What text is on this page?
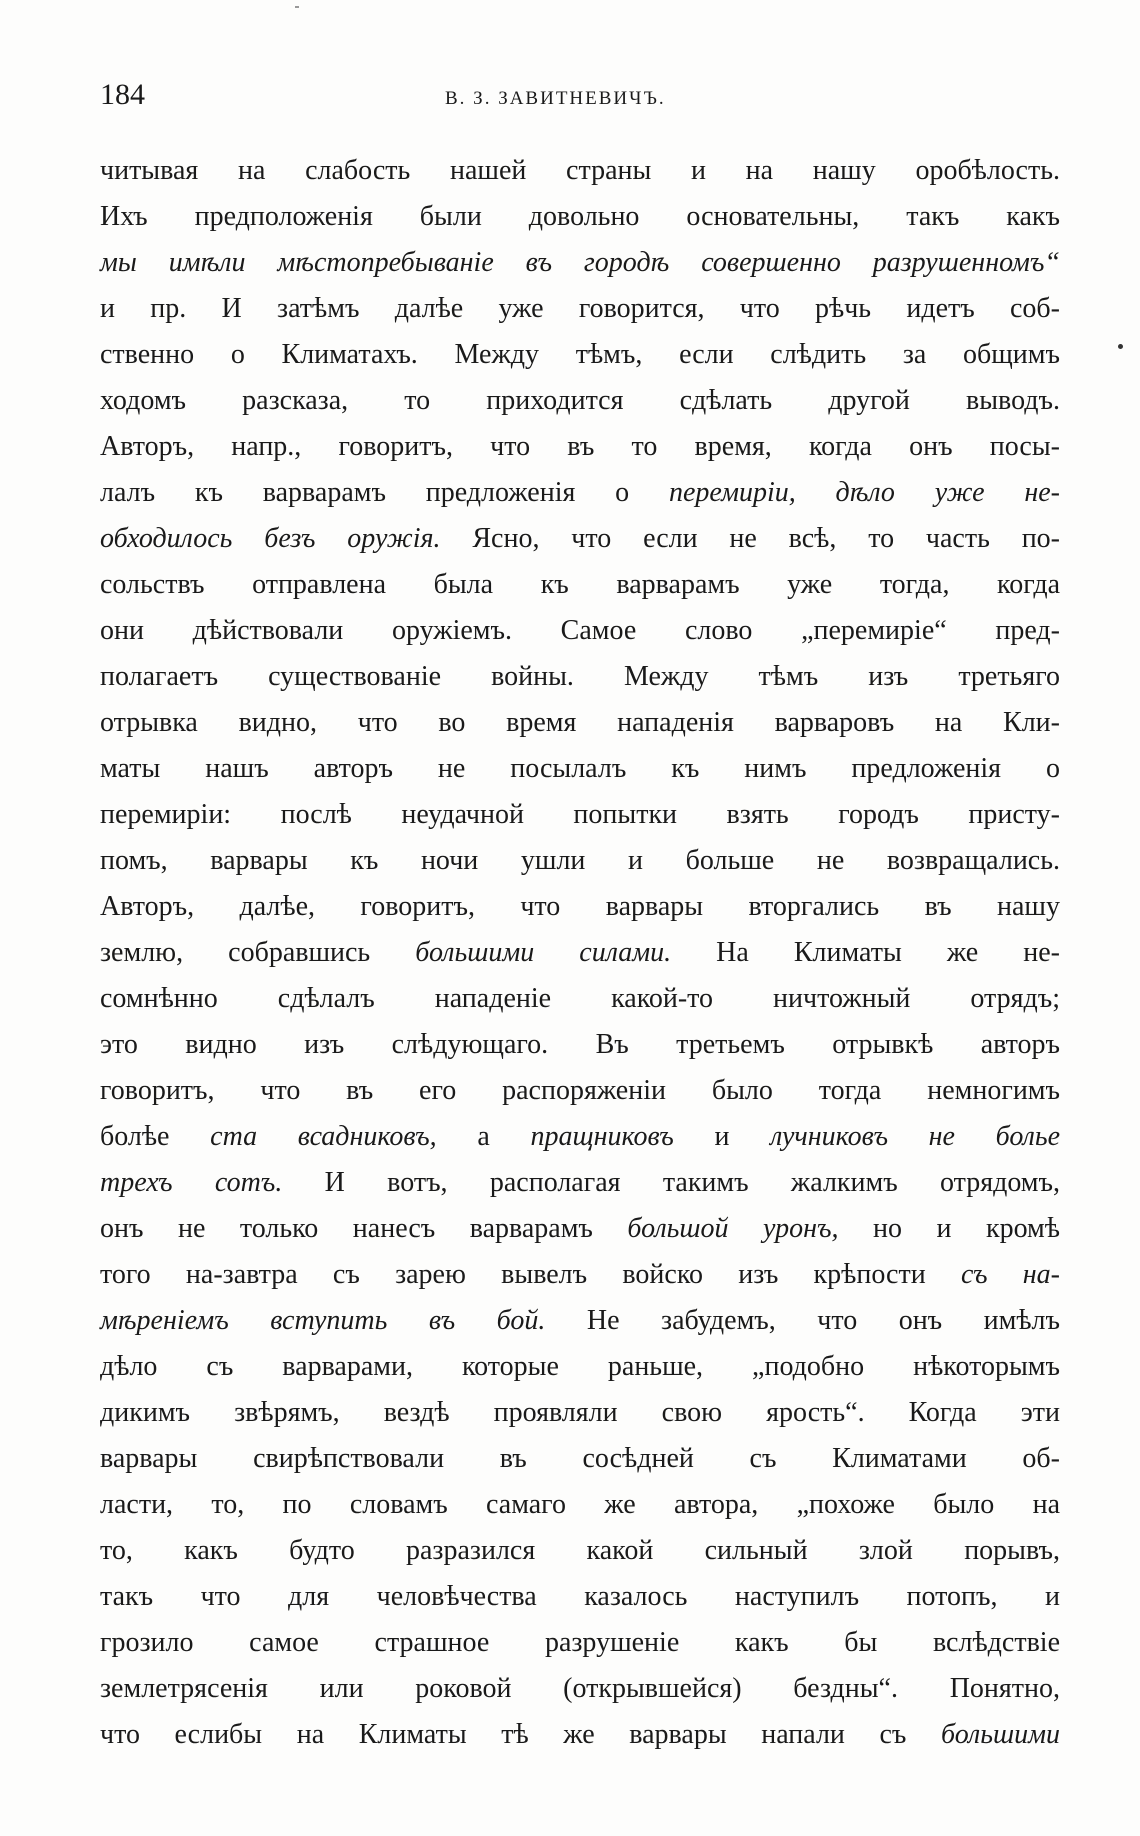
184	В. З. ЗАВИТНЕВИЧЪ.
читывая на слабость нашей страны и на нашу оробѣлость.
Ихъ предположенія были довольно основательны, такъ какъ
мы имѣли мѣстопребываніе въ городѣ совершенно разрушенномъ“
и пр. И затѣмъ далѣе уже говорится, что рѣчь идетъ соб-
ственно о Климатахъ. Между тѣмъ, если слѣдить за общимъ
ходомъ разсказа, то приходится сдѣлать другой выводъ.
Авторъ, напр., говоритъ, что въ то время, когда онъ посы-
лалъ къ варварамъ предложенія о перемиріи, дѣло уже не-
обходилось безъ оружія. Ясно, что если не всѣ, то часть по-
сольствъ отправлена была къ варварамъ уже тогда, когда
они дѣйствовали оружіемъ. Самое слово „перемиріе“ пред-
полагаетъ существованіе войны. Между тѣмъ изъ третьяго
отрывка видно, что во время нападенія варваровъ на Кли-
маты нашъ авторъ не посылалъ къ нимъ предложенія о
перемиріи: послѣ неудачной попытки взять городъ присту-
помъ, варвары къ ночи ушли и больше не возвращались.
Авторъ, далѣе, говоритъ, что варвары вторгались въ нашу
землю, собравшись большими силами. На Климаты же не-
сомнѣнно сдѣлалъ нападеніе какой-то ничтожный отрядъ;
это видно изъ слѣдующаго. Въ третьемъ отрывкѣ авторъ
говоритъ, что въ его распоряженіи было тогда немногимъ
болѣе ста всадниковъ, а пращниковъ и лучниковъ не больe
трехъ сотъ. И вотъ, располагая такимъ жалкимъ отрядомъ,
онъ не только нанесъ варварамъ большой уронъ, но и кромѣ
того на-завтра съ зарею вывелъ войско изъ крѣпости съ на-
мѣреніемъ вступить въ бой. Не забудемъ, что онъ имѣлъ
дѣло съ варварами, которые раньше, „подобно нѣкоторымъ
дикимъ звѣрямъ, вездѣ проявляли свою ярость“. Когда эти
варвары свирѣпствовали въ сосѣдней съ Климатами об-
ласти, то, по словамъ самаго же автора, „похоже было на
то, какъ будто разразился какой сильный злой порывъ,
такъ что для человѣчества казалось наступилъ потопъ, и
грозило самое страшное разрушеніе какъ бы вслѣдствіе
землетрясенія или роковой (открывшейся) бездны“. Понятно,
что еслибы на Климаты тѣ же варвары напали съ большими
